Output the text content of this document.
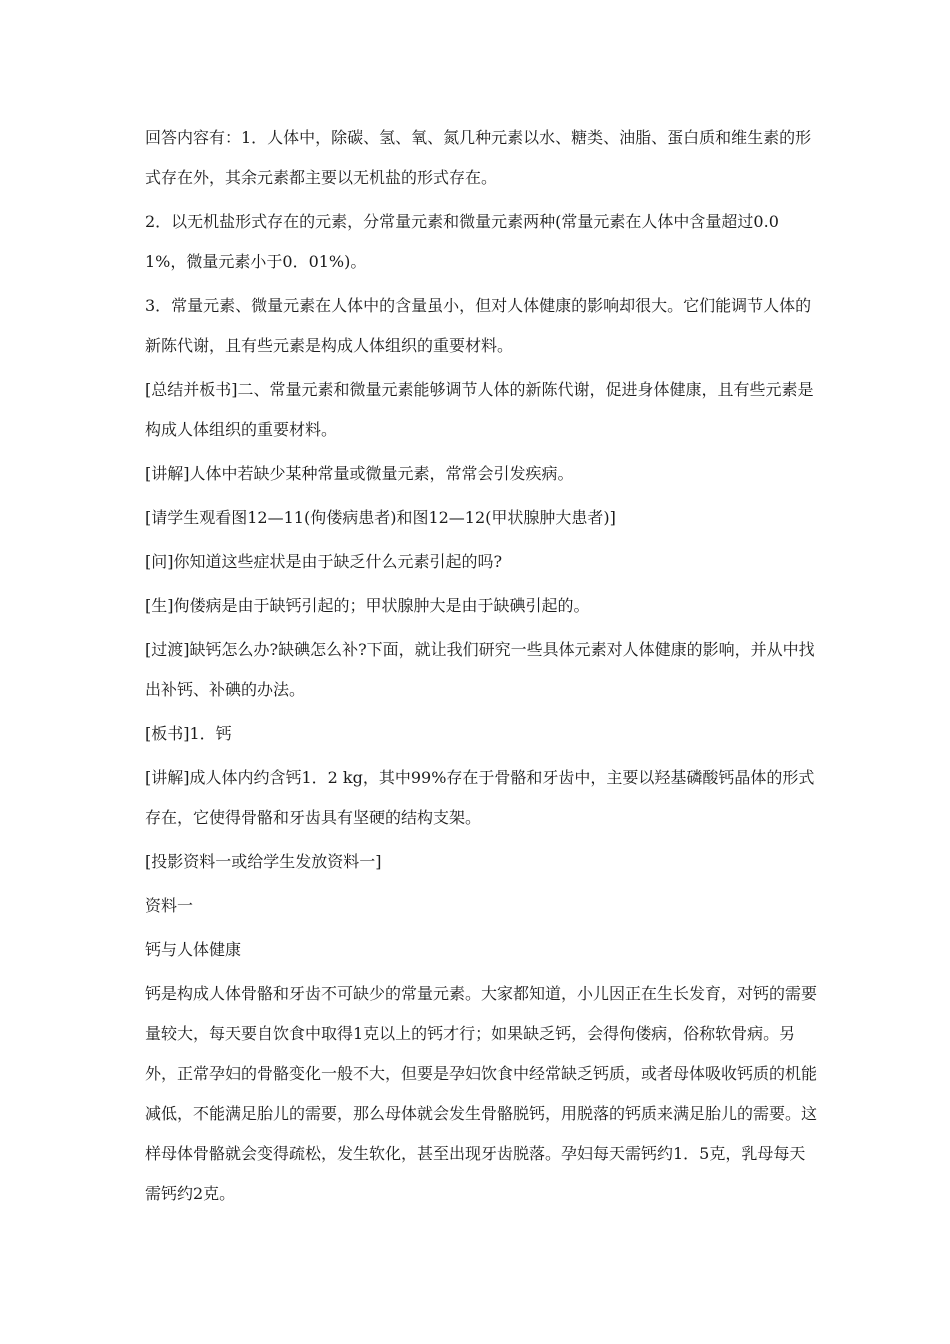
回答内容有：1．人体中，除碳、氢、氧、氮几种元素以水、糖类、油脂、蛋白质和维生素的形式存在外，其余元素都主要以无机盐的形式存在。

2．以无机盐形式存在的元素，分常量元素和微量元素两种(常量元素在人体中含量超过0.01%，微量元素小于0．01%)。

3．常量元素、微量元素在人体中的含量虽小，但对人体健康的影响却很大。它们能调节人体的新陈代谢，且有些元素是构成人体组织的重要材料。

[总结并板书]二、常量元素和微量元素能够调节人体的新陈代谢，促进身体健康，且有些元素是构成人体组织的重要材料。

[讲解]人体中若缺少某种常量或微量元素，常常会引发疾病。

[请学生观看图12—11(佝偻病患者)和图12—12(甲状腺肿大患者)]

[问]你知道这些症状是由于缺乏什么元素引起的吗?

[生]佝偻病是由于缺钙引起的；甲状腺肿大是由于缺碘引起的。

[过渡]缺钙怎么办?缺碘怎么补?下面，就让我们研究一些具体元素对人体健康的影响，并从中找出补钙、补碘的办法。

[板书]1．钙

[讲解]成人体内约含钙1．2 kg，其中99%存在于骨骼和牙齿中，主要以羟基磷酸钙晶体的形式存在，它使得骨骼和牙齿具有坚硬的结构支架。

[投影资料一或给学生发放资料一]

资料一

钙与人体健康

钙是构成人体骨骼和牙齿不可缺少的常量元素。大家都知道，小儿因正在生长发育，对钙的需要量较大，每天要自饮食中取得1克以上的钙才行；如果缺乏钙，会得佝偻病，俗称软骨病。另外，正常孕妇的骨骼变化一般不大，但要是孕妇饮食中经常缺乏钙质，或者母体吸收钙质的机能减低，不能满足胎儿的需要，那么母体就会发生骨骼脱钙，用脱落的钙质来满足胎儿的需要。这样母体骨骼就会变得疏松，发生软化，甚至出现牙齿脱落。孕妇每天需钙约1．5克，乳母每天需钙约2克。
